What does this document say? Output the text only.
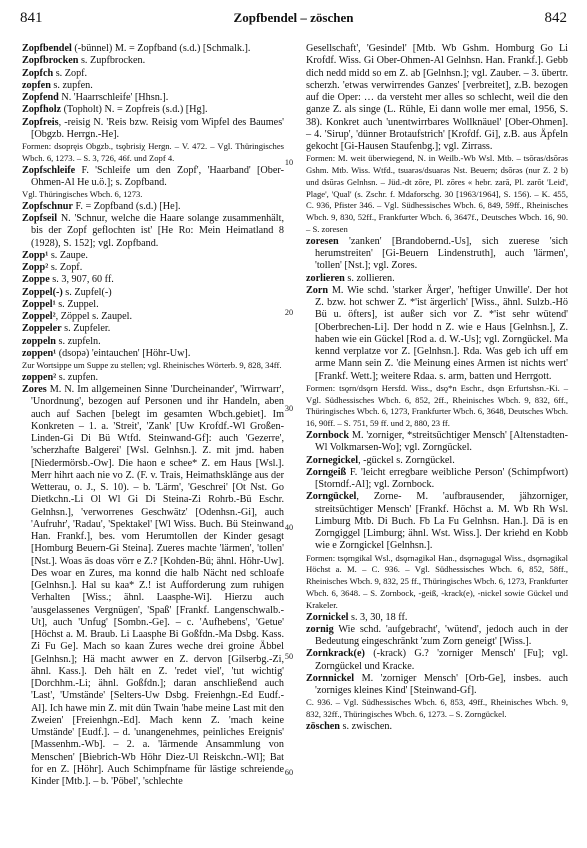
841	Zopfbendel – zöschen	842

Zopfbendel (-bünnel) M. = Zopfband (s.d.) [Schmalk.].

Zopfbrocken s. Zupfbrocken.

Zopfch s. Zopf.

zopfen s. zupfen.

Zopfend N. 'Haarrschleife' [Hhsn.].

Zopfholz (Topholt) N. = Zopfreis (s.d.) [Hg].

Zopfreis, -reisig N. 'Reis bzw. Reisig vom Wipfel des Baumes' [Obgzb. Herrgn.-He].

Formen: dsopręis Obgzb., tsǫbrisiχ Hergn. – V. 472. – Vgl. Thüringisches Wbch. 6, 1273. – S. 3, 726, 46f. und Zopf 4.

Zopfschleife F. 'Schleife um den Zopf', 'Haarband' [Ober-Ohmen-Al He u.ö.]; s. Zopfband.

Vgl. Thüringisches Wbch. 6, 1273.

Zopfschnur F. = Zopfband (s.d.) [He].

Zopfseil N. 'Schnur, welche die Haare solange zusammenhält, bis der Zopf geflochten ist' [He Ro: Mein Heimatland 8 (1928), S. 152]; vgl. Zopfband.

Zopp¹ s. Zaupe.

Zopp² s. Zopf.

Zoppe s. 3, 907, 60 ff.

Zoppel(-) s. Zupfel(-)

Zoppel¹ s. Zuppel.

Zoppel², Zöppel s. Zaupel.

Zoppeler s. Zupfeler.

zoppeln s. zupfeln.

zoppen¹ (dsopə) 'eintauchen' [Höhr-Uw].

Zur Wortsippe um Suppe zu stellen; vgl. Rheinisches Wörterb. 9, 828, 34ff.

zoppen² s. zupfen.

Zores M. N. Im allgemeinen Sinne 'Durcheinander', 'Wirrwarr', 'Unordnung', bezogen auf Personen und ihr Handeln, aben auch auf Sachen [belegt im gesamten Wbch.gebiet]. Im Konkreten – 1. a. 'Streit', 'Zank' [Uw Krofdf.-Wl Großen-Linden-Gi Di Bü Wtfd. Steinwand-Gf]: auch 'Gezerre', 'scherzhafte Balgerei' [Wsl. Gelnhsn.]. Z. mit jmd. haben [Niedermörsb.-Ow]. Die haon e schee* Z. em Haus [Wsl.]. Merr hihrt aach nie vo Z. (F. v. Trais, Heimathsklänge aus der Wetterau, o. J., S. 10). – b. 'Lärm', 'Geschrei' [Ot Nst. Go Dietkchn.-Li Ol Wl Gi Di Steina-Zi Rohrb.-Bü Eschr. Gelnhsn.], 'verworrenes Geschwätz' [Odenhsn.-Gi], auch 'Aufruhr', 'Radau', 'Spektakel' [Wl Wiss. Buch. Bü Steinwand Han. Frankf.], bes. vom Herumtollen der Kinder gesagt [Homburg Beuern-Gi Steina]. Zueres machte 'lärmen', 'tollen' [Nst.]. Woas äs doas vörr e Z.? [Kohden-Bü; ähnl. Höhr-Uw]. Des woar en Zures, ma konnd die halb Nächt ned schloafe [Gelnhsn.]. Hal su kaa* Z.! ist Aufforderung zum ruhigen Verhalten [Wiss.; ähnl. Laasphe-Wi]. Hierzu auch 'ausgelassenes Vergnügen', 'Spaß' [Frankf. Langenschwalb.-Ut], auch 'Unfug' [Sombn.-Ge]. – c. 'Aufhebens', 'Getue' [Höchst a. M. Braub. Li Laasphe Bi Goßfdn.-Ma Dsbg. Kass. Zi Fu Ge]. Mach so kaan Zures weche drei groine Äbbel [Gelnhsn.]; Hä macht awwer en Z. dervon [Gilserbg.-Zi, ähnl. Kass.]. Deh hält en Z. 'redet viel', 'tut wichtig' [Dorchhm.-Li; ähnl. Goßfdn.]; daran anschließend auch 'Last', 'Umstände' [Selters-Uw Dsbg. Freienhgn.-Ed Eudf.-Al]. Ich hawe min Z. mit dün Twain 'habe meine Last mit den Zweien' [Freienhgn.-Ed]. Mach kenn Z. 'mach keine Umstände' [Eudf.]. – d. 'unangenehmes, peinliches Ereignis' [Massenhm.-Wb]. – 2. a. 'lärmende Ansammlung von Menschen' [Biebrich-Wb Höhr Diez-Ul Reiskchn.-Wl]; Bat for en Z. [Höhr]. Auch Schimpfname für lästige schreiende Kinder [Mtb.]. – b. 'Pöbel', 'schlechte

Gesellschaft', 'Gesindel' [Mtb. Wb Gshm. Homburg Go Li Krofdf. Wiss. Gi Ober-Ohmen-Al Gelnhsn. Han. Frankf.]. Gebb dich nedd midd so em Z. ab [Gelnhsn.]; vgl. Zauber. – 3. übertr. scherzh. 'etwas verwirrendes Ganzes' [verbreitet], z.B. bezogen auf die Oper: … da versteht mer alles so schlecht, weil die den ganze Z. als singe (L. Rühle, Ei dann wolle mer emal, 1956, S. 38). Konkret auch 'unentwirrbares Wollknäuel' [Ober-Ohmen]. – 4. 'Sirup', 'dünner Brotaufstrich' [Krofdf. Gi], z.B. aus Äpfeln gekocht [Gi-Hausen Staufenbg.]; vgl. Zirrass.

Formen: M. weit überwiegend, N. in Weilb.-Wb Wsl. Mtb. – tsōras/dsōrəs Gshm. Mtb. Wiss. Wtfd., tsuarəs/dsuarəs Nst. Beuern; dsōrəs (nur Z. 2 b) und dsūrəs Gelnhsn. – Jüd.-dt zōre, Pl. zōres « hebr. zarā, Pl. zarōt 'Leid', Plage', 'Qual' (s. Zschr. f. Mdaforschg. 30 [1963/1964], S. 156). – K. 455, C. 936, Pfister 346. – Vgl. Südhessisches Wbch. 6, 849, 59ff., Rheinisches Wbch. 9, 830, 52ff., Frankfurter Wbch. 6, 3647f., Deutsches Wbch. 16, 90. – S. zoresen

zoresen 'zanken' [Brandobernd.-Us], sich zuerese 'sich herumstreiten' [Gi-Beuern Lindenstruth], auch 'lärmen', 'tollen' [Nst.]; vgl. Zores.

zorlieren s. zollieren.

Zorn M. Wie schd. 'starker Ärger', 'heftiger Unwille'. Der hot Z. bzw. hot schwer Z. *'ist ärgerlich' [Wiss., ähnl. Sulzb.-Hö Bü u. öfters], ist außer sich vor Z. *'ist sehr wütend' [Oberbrechen-Li]. Der hodd n Z. wie e Haus [Gelnhsn.], Z. haben wie ein Gückel [Rod a. d. W.-Us]; vgl. Zorngückel. Ma kennd verplatze vor Z. [Gelnhsn.]. Rda. Was geb ich uff em arme Mann sein Z. 'die Meinung eines Armen ist nichts wert' [Frankf. Wett.]; weitere Rdaa. s. arm, batten und Herrgott.

Formen: tsǫrn/dsǫrn Hersfd. Wiss., dsǫ*n Eschr., dsǫn Erfurtshsn.-Ki. – Vgl. Südhessisches Wbch. 6, 852, 2ff., Rheinisches Wbch. 9, 832, 6ff., Thüringisches Wbch. 6, 1273, Frankfurter Wbch. 6, 3648, Deutsches Wbch. 16, 90ff. – S. 751, 59 ff. und 2, 880, 23 ff.

Zornbock M. 'zorniger, *streitsüchtiger Mensch' [Altenstadten-Wl Volkmarsen-Wo]; vgl. Zorngückel.

Zornegickel, -gückel s. Zorngückel.

Zorngeiß F. 'leicht erregbare weibliche Person' (Schimpfwort) [Storndf.-Al]; vgl. Zornbock.

Zorngückel, Zorne- M. 'aufbrausender, jähzorniger, streitsüchtiger Mensch' [Frankf. Höchst a. M. Wb Rh Wsl. Limburg Mtb. Di Buch. Fb La Fu Gelnhsn. Han.]. Dä is en Zorngiggel [Limburg; ähnl. Wst. Wiss.]. Der kriehd en Kobb wie e Zorngickel [Gelnhsn.].

Formen: tsǫrngikal Wsl., dsǫrnəgikəl Han., dsǫrnəgugəl Wiss., dsǫrnəgikəl Höchst a. M. – C. 936. – Vgl. Südhessisches Wbch. 6, 852, 58ff., Rheinisches Wbch. 9, 832, 25 ff., Thüringisches Wbch. 6, 1273, Frankfurter Wbch. 6, 3648. – S. Zornbock, -geiß, -krack(e), -nickel sowie Gückel und Krakeler.

Zornickel s. 3, 30, 18 ff.

zornig Wie schd. 'aufgebracht', 'wütend', jedoch auch in der Bedeutung eingeschränkt 'zum Zorn geneigt' [Wiss.].

Zornkrack(e) (-krack) G.? 'zorniger Mensch' [Fu]; vgl. Zorngückel und Kracke.

Zornnickel M. 'zorniger Mensch' [Orb-Ge], insbes. auch 'zorniges kleines Kind' [Steinwand-Gf].

C. 936. – Vgl. Südhessisches Wbch. 6, 853, 49ff., Rheinisches Wbch. 9, 832, 32ff., Thüringisches Wbch. 6, 1273. – S. Zorngückel.

zöschen s. zwischen.

10
20
30
40
50
60
